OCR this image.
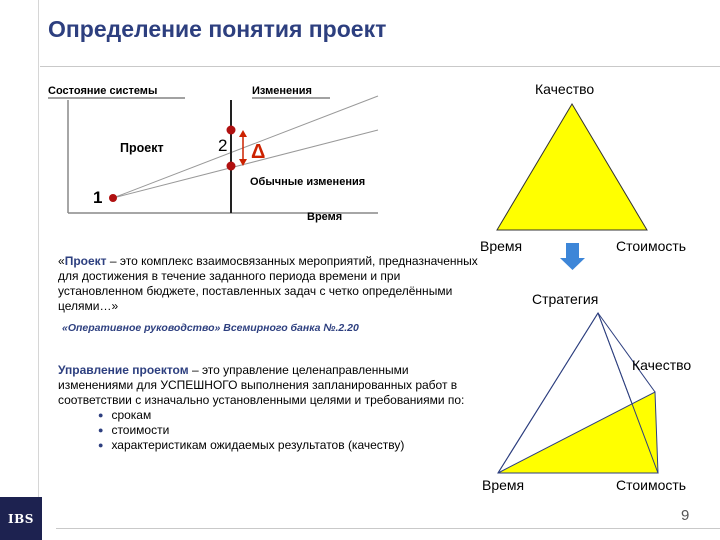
Определение понятия проект
Состояние системы	Изменения
Проект	2 Δ
Обычные изменения
1
Время
Качество
Время	Стоимость
Стратегия
Качество
Время	Стоимость
«Проект – это комплекс взаимосвязанных мероприятий, предназначенных для достижения в течение заданного периода времени и при установленном бюджете, поставленных задач с четко определёнными целями…»
«Оперативное руководство» Всемирного банка №.2.20
Управление проектом – это управление целенаправленными изменениями для УСПЕШНОГО выполнения запланированных работ в соответствии с изначально установленными целями и требованиями по:
● срокам
● стоимости
● характеристикам ожидаемых результатов (качеству)
IBS	9
